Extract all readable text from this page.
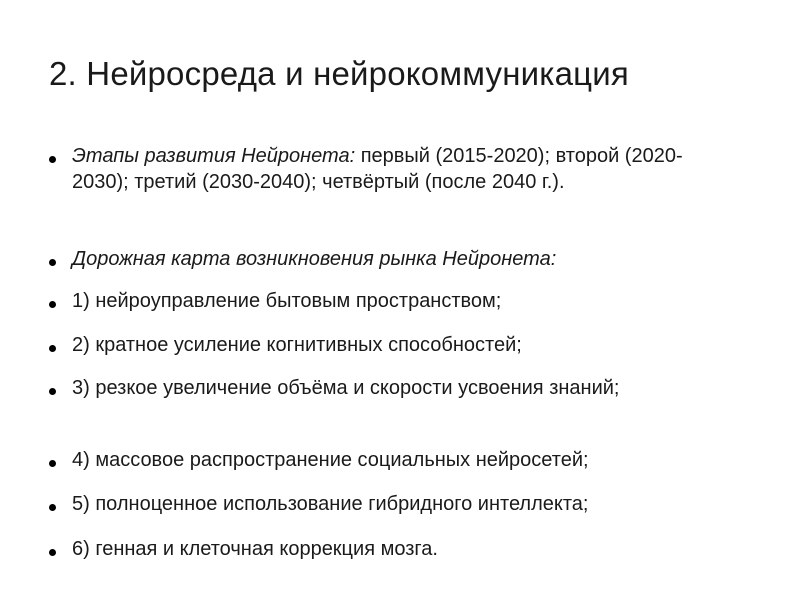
2. Нейросреда и нейрокоммуникация
Этапы развития Нейронета: первый (2015-2020); второй (2020-2030); третий (2030-2040); четвёртый (после 2040 г.).
Дорожная карта возникновения рынка Нейронета:
1) нейроуправление бытовым пространством;
2) кратное усиление когнитивных способностей;
3) резкое увеличение объёма и скорости усвоения знаний;
4) массовое распространение социальных нейросетей;
5) полноценное использование гибридного интеллекта;
6) генная и клеточная коррекция мозга.
